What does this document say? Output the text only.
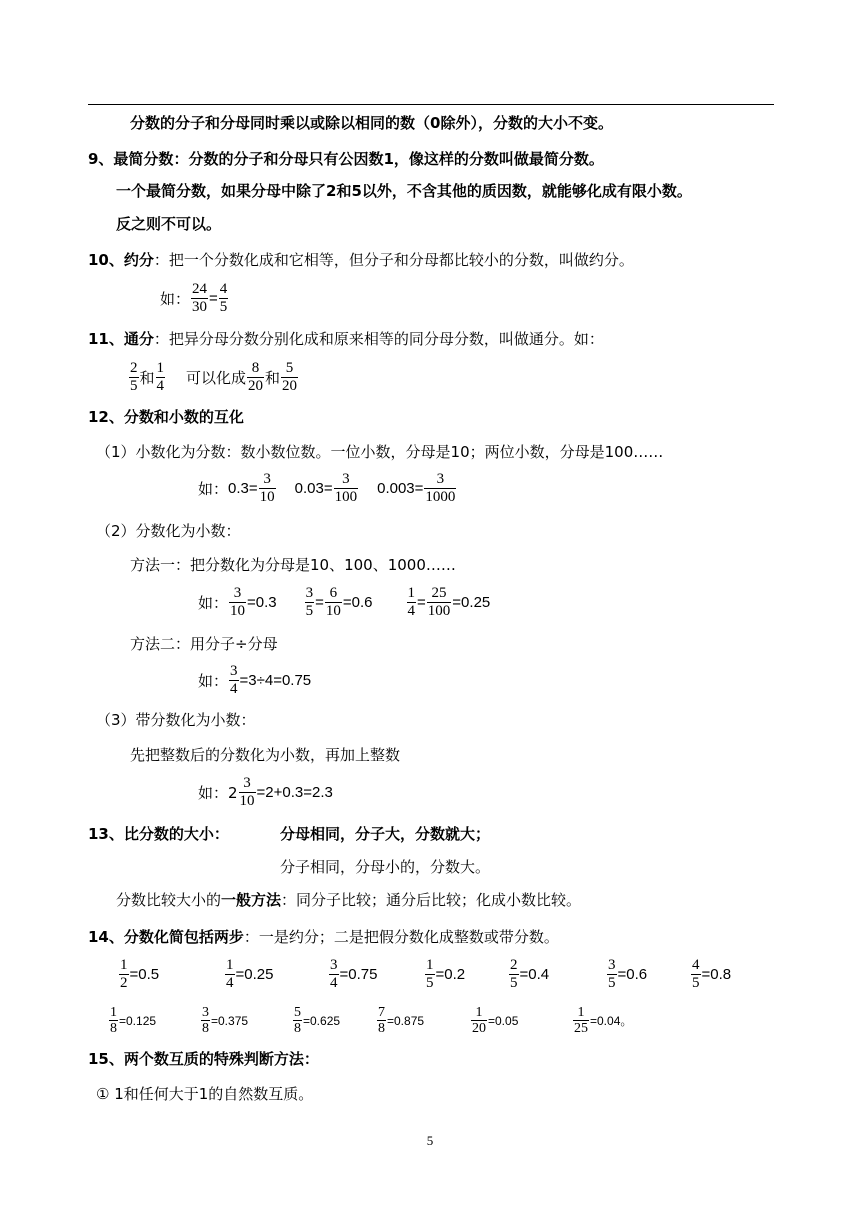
分数的分子和分母同时乘以或除以相同的数（0除外），分数的大小不变。
9、最简分数：分数的分子和分母只有公因数1，像这样的分数叫做最简分数。
一个最简分数，如果分母中除了2和5以外，不含其他的质因数，就能够化成有限小数。
反之则不可以。
10、约分：把一个分数化成和它相等，但分子和分母都比较小的分数，叫做约分。
如： $\frac{24}{30} = \frac{4}{5}$
11、通分：把异分母分数分别化成和原来相等的同分母分数，叫做通分。如：
$\frac{2}{5}$ 和 $\frac{1}{4}$ 可以化成 $\frac{8}{20}$ 和 $\frac{5}{20}$
12、分数和小数的互化
（1）小数化为分数：数小数位数。一位小数，分母是10；两位小数，分母是100……
如：$0.3= \frac{3}{10} 0.03= \frac{3}{100} 0.003= \frac{3}{1000}$
（2）分数化为小数：
方法一：把分数化为分母是10、100、1000……
如： $\frac{3}{10} =0.3 \frac{3}{5} = \frac{6}{10} =0.6 \frac{1}{4} = \frac{25}{100} =0.25$
方法二：用分子÷分母
如： $\frac{3}{4} =3\div 4=0.75$
（3）带分数化为小数：
先把整数后的分数化为小数，再加上整数
如：$2 \frac{3}{10} =2+0.3=2.3$
13、比分数的大小：	分母相同，分子大，分数就大；
分子相同，分母小的，分数大。
分数比较大小的一般方法：同分子比较；通分后比较；化成小数比较。
14、分数化简包括两步：一是约分；二是把假分数化成整数或带分数。
$\frac{1}{2} =0.5$	$\frac{1}{4} =0.25$	$\frac{3}{4} =0.75$	$\frac{1}{5} =0.2$	$\frac{2}{5} =0.4$	$\frac{3}{5} =0.6$	$\frac{4}{5} =0.8$
$\frac{1}{8} =0.125$	$\frac{3}{8} =0.375$	$\frac{5}{8} =0.625$	$\frac{7}{8} =0.875$	$\frac{1}{20} =0.05$	$\frac{1}{25} =0.04$。
15、两个数互质的特殊判断方法：
① 1和任何大于1的自然数互质。
5
